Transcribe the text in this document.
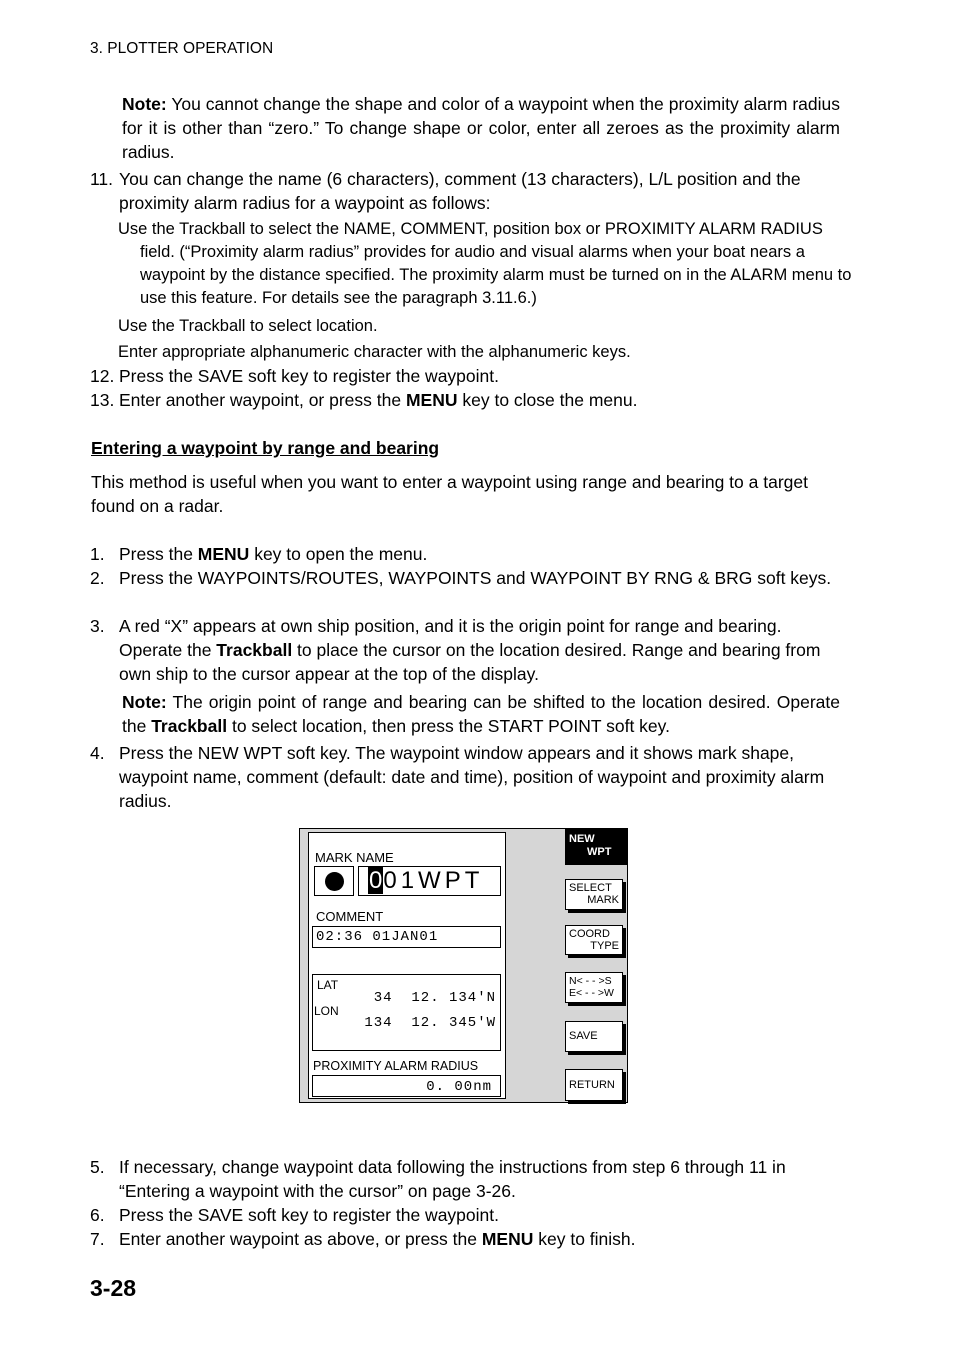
3. PLOTTER OPERATION
Note: You cannot change the shape and color of a waypoint when the proximity alarm radius for it is other than “zero.” To change shape or color, enter all zeroes as the proximity alarm radius.
11. You can change the name (6 characters), comment (13 characters), L/L position and the proximity alarm radius for a waypoint as follows:
Use the Trackball to select the NAME, COMMENT, position box or PROXIMITY ALARM RADIUS field. (“Proximity alarm radius” provides for audio and visual alarms when your boat nears a waypoint by the distance specified. The proximity alarm must be turned on in the ALARM menu to use this feature. For details see the paragraph 3.11.6.)
Use the Trackball to select location.
Enter appropriate alphanumeric character with the alphanumeric keys.
12. Press the SAVE soft key to register the waypoint.
13. Enter another waypoint, or press the MENU key to close the menu.
Entering a waypoint by range and bearing
This method is useful when you want to enter a waypoint using range and bearing to a target found on a radar.
1. Press the MENU key to open the menu.
2. Press the WAYPOINTS/ROUTES, WAYPOINTS and WAYPOINT BY RNG & BRG soft keys.
3. A red “X” appears at own ship position, and it is the origin point for range and bearing. Operate the Trackball to place the cursor on the location desired. Range and bearing from own ship to the cursor appear at the top of the display.
Note: The origin point of range and bearing can be shifted to the location desired. Operate the Trackball to select location, then press the START POINT soft key.
4. Press the NEW WPT soft key. The waypoint window appears and it shows mark shape, waypoint name, comment (default: date and time), position of waypoint and proximity alarm radius.
MARK NAME
001WPT
COMMENT
02:36 01JAN01
LAT
34  12. 134'N
LON
134  12. 345'W
PROXIMITY ALARM RADIUS
0. 00nm
NEW
WPT
SELECT
MARK
COORD
TYPE
N< - - >S
E< - - >W
SAVE
RETURN
5. If necessary, change waypoint data following the instructions from step 6 through 11 in “Entering a waypoint with the cursor” on page 3-26.
6. Press the SAVE soft key to register the waypoint.
7. Enter another waypoint as above, or press the MENU key to finish.
3-28
